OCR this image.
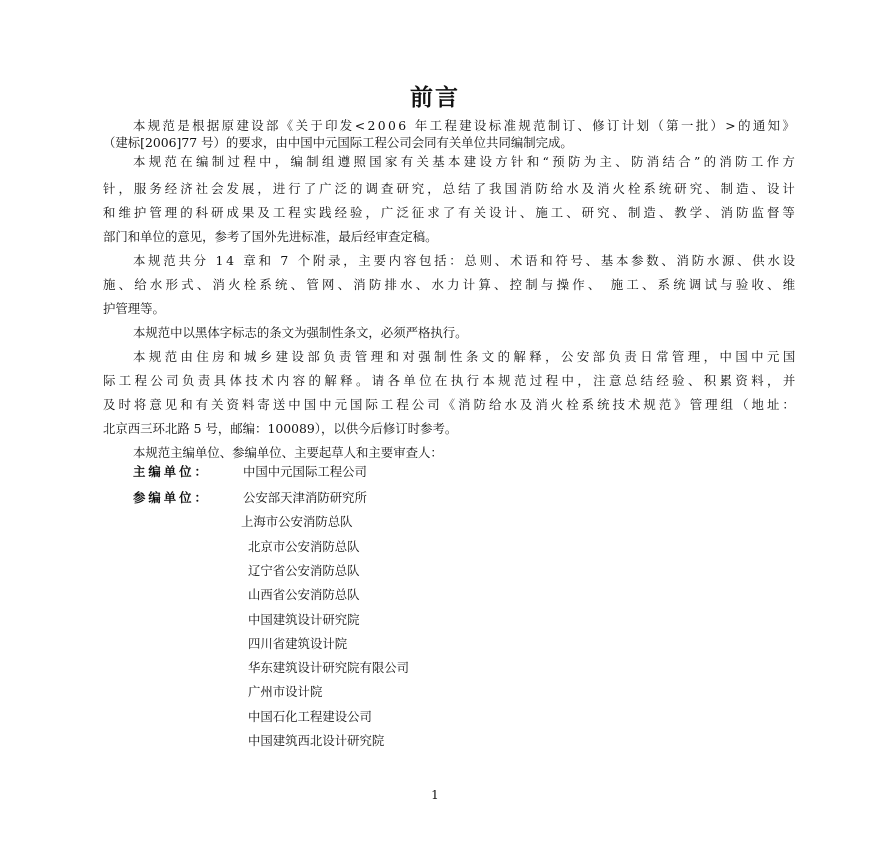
前言
本规范是根据原建设部《关于印发<2006 年工程建设标准规范制订、修订计划（第一批）>的通知》
（建标[2006]77 号）的要求，由中国中元国际工程公司会同有关单位共同编制完成。
本规范在编制过程中，编制组遵照国家有关基本建设方针和“预防为主、防消结合”的消防工作方
针，服务经济社会发展，进行了广泛的调查研究，总结了我国消防给水及消火栓系统研究、制造、设计
和维护管理的科研成果及工程实践经验，广泛征求了有关设计、施工、研究、制造、教学、消防监督等
部门和单位的意见，参考了国外先进标准，最后经审查定稿。
本规范共分 14 章和 7 个附录，主要内容包括：总则、术语和符号、基本参数、消防水源、供水设
施、给水形式、消火栓系统、管网、消防排水、水力计算、控制与操作、 施工、系统调试与验收、维
护管理等。
本规范中以黑体字标志的条文为强制性条文，必须严格执行。
本规范由住房和城乡建设部负责管理和对强制性条文的解释，公安部负责日常管理，中国中元国
际工程公司负责具体技术内容的解释。请各单位在执行本规范过程中，注意总结经验、积累资料，并
及时将意见和有关资料寄送中国中元国际工程公司《消防给水及消火栓系统技术规范》管理组（地址：
北京西三环北路 5 号，邮编：100089），以供今后修订时参考。
本规范主编单位、参编单位、主要起草人和主要审查人：
主编单位：	中国中元国际工程公司
参编单位：	公安部天津消防研究所
上海市公安消防总队
北京市公安消防总队
辽宁省公安消防总队
山西省公安消防总队
中国建筑设计研究院
四川省建筑设计院
华东建筑设计研究院有限公司
广州市设计院
中国石化工程建设公司
中国建筑西北设计研究院
1
